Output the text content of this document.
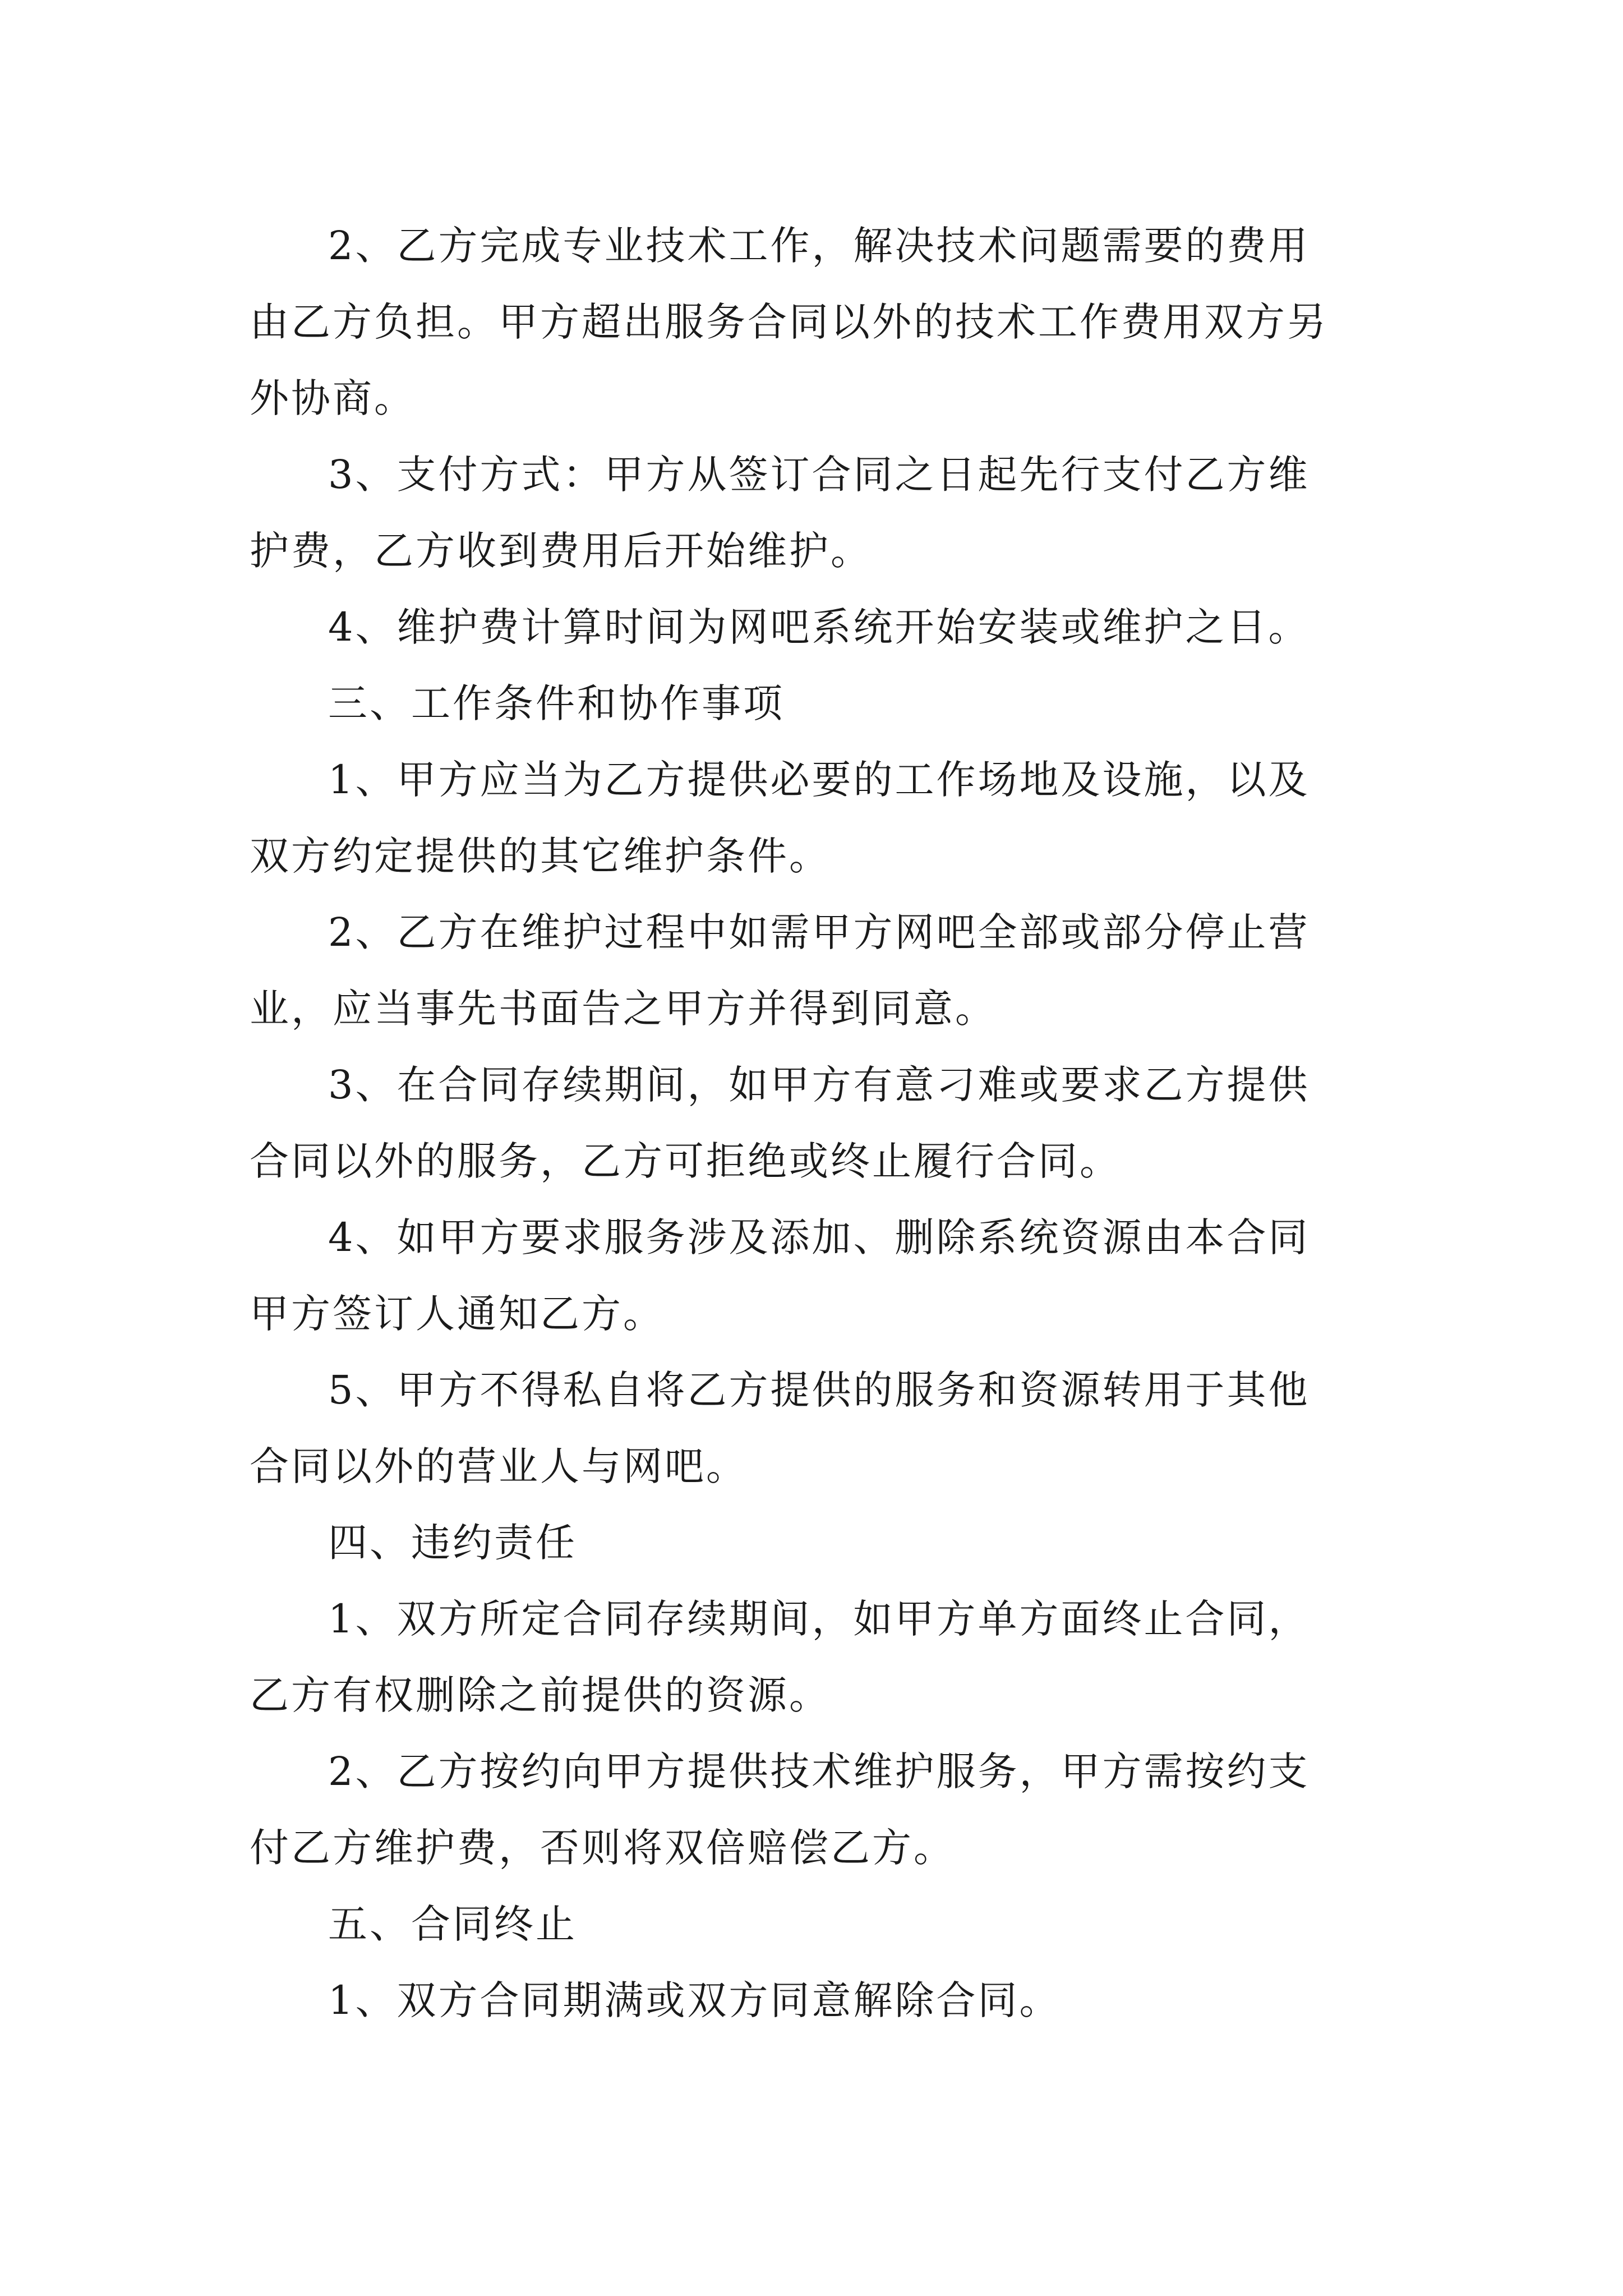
2、乙方完成专业技术工作，解决技术问题需要的费用
由乙方负担。甲方超出服务合同以外的技术工作费用双方另
外协商。

3、支付方式：甲方从签订合同之日起先行支付乙方维
护费，乙方收到费用后开始维护。

4、维护费计算时间为网吧系统开始安装或维护之日。

三、工作条件和协作事项

1、甲方应当为乙方提供必要的工作场地及设施，以及
双方约定提供的其它维护条件。

2、乙方在维护过程中如需甲方网吧全部或部分停止营
业，应当事先书面告之甲方并得到同意。

3、在合同存续期间，如甲方有意刁难或要求乙方提供
合同以外的服务，乙方可拒绝或终止履行合同。

4、如甲方要求服务涉及添加、删除系统资源由本合同
甲方签订人通知乙方。

5、甲方不得私自将乙方提供的服务和资源转用于其他
合同以外的营业人与网吧。

四、违约责任

1、双方所定合同存续期间，如甲方单方面终止合同，
乙方有权删除之前提供的资源。

2、乙方按约向甲方提供技术维护服务，甲方需按约支
付乙方维护费，否则将双倍赔偿乙方。

五、合同终止

1、双方合同期满或双方同意解除合同。
